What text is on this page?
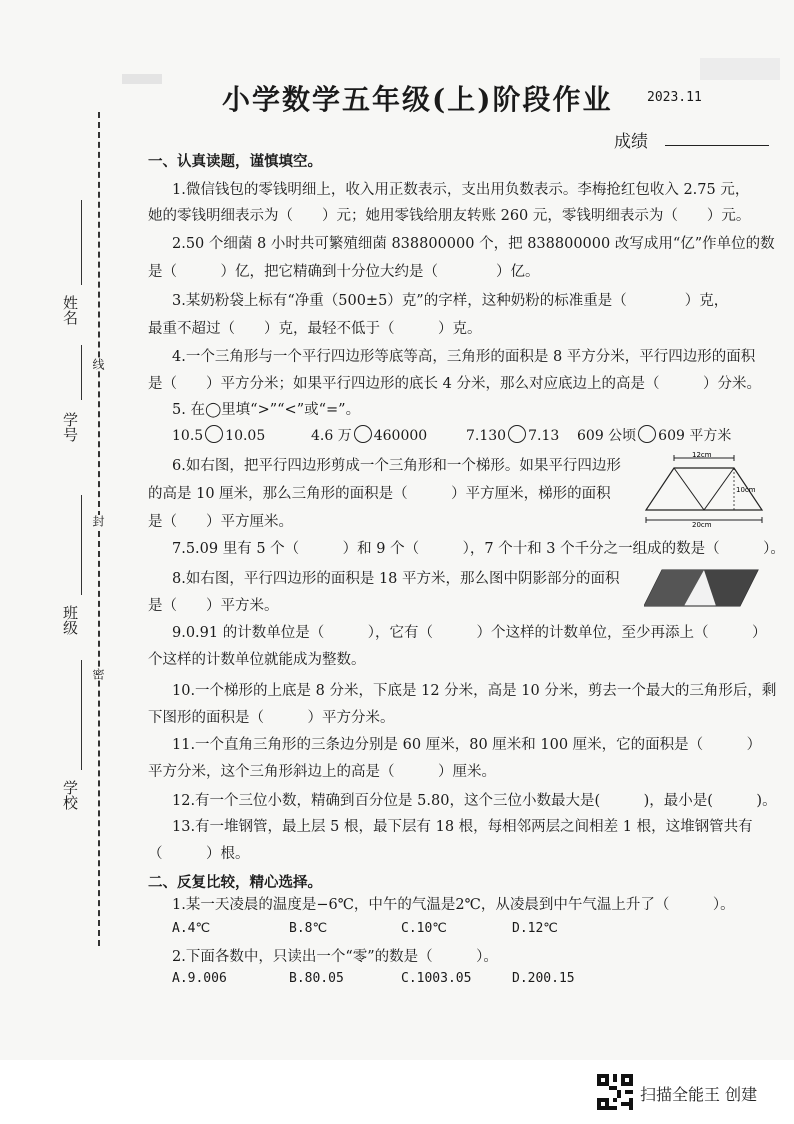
小学数学五年级(上)阶段作业	2023.11
成绩
姓名
学号
班级
学校
线
封
密
一、认真读题，谨慎填空。
1.微信钱包的零钱明细上，收入用正数表示，支出用负数表示。李梅抢红包收入 2.75 元，
她的零钱明细表示为（　　）元；她用零钱给朋友转账 260 元，零钱明细表示为（　　）元。
2.50 个细菌 8 小时共可繁殖细菌 838800000 个，把 838800000 改写成用“亿”作单位的数
是（　　　）亿，把它精确到十分位大约是（　　　　）亿。
3.某奶粉袋上标有“净重（500±5）克”的字样，这种奶粉的标准重是（　　　　）克，
最重不超过（　　）克，最轻不低于（　　　）克。
4.一个三角形与一个平行四边形等底等高，三角形的面积是 8 平方分米，平行四边形的面积
是（　　）平方分米；如果平行四边形的底长 4 分米，那么对应底边上的高是（　　　）分米。
5. 在◯里填“>”“<”或“=”。
10.5 10.05	4.6 万 460000	7.130 7.13 609 公顷 609 平方米
6.如右图，把平行四边形剪成一个三角形和一个梯形。如果平行四边形
的高是 10 厘米，那么三角形的面积是（　　　）平方厘米，梯形的面积
是（　　）平方厘米。
12cm
10cm
20cm
7.5.09 里有 5 个（　　　）和 9 个（　　　），7 个十和 3 个千分之一组成的数是（　　　）。
8.如右图，平行四边形的面积是 18 平方米，那么图中阴影部分的面积
是（　　）平方米。
9.0.91 的计数单位是（　　　），它有（　　　）个这样的计数单位，至少再添上（　　　）
个这样的计数单位就能成为整数。
10.一个梯形的上底是 8 分米，下底是 12 分米，高是 10 分米，剪去一个最大的三角形后，剩
下图形的面积是（　　　）平方分米。
11.一个直角三角形的三条边分别是 60 厘米，80 厘米和 100 厘米，它的面积是（　　　）
平方分米，这个三角形斜边上的高是（　　　）厘米。
12.有一个三位小数，精确到百分位是 5.80，这个三位小数最大是(　　　)，最小是(　　　)。
13.有一堆钢管，最上层 5 根，最下层有 18 根，每相邻两层之间相差 1 根，这堆钢管共有
（　　　）根。
二、反复比较，精心选择。
1.某一天凌晨的温度是−6℃，中午的气温是2℃，从凌晨到中午气温上升了（　　　）。
A.4℃	B.8℃	C.10℃	D.12℃
2.下面各数中，只读出一个“零”的数是（　　　）。
A.9.006	B.80.05	C.1003.05	D.200.15
扫描全能王 创建
